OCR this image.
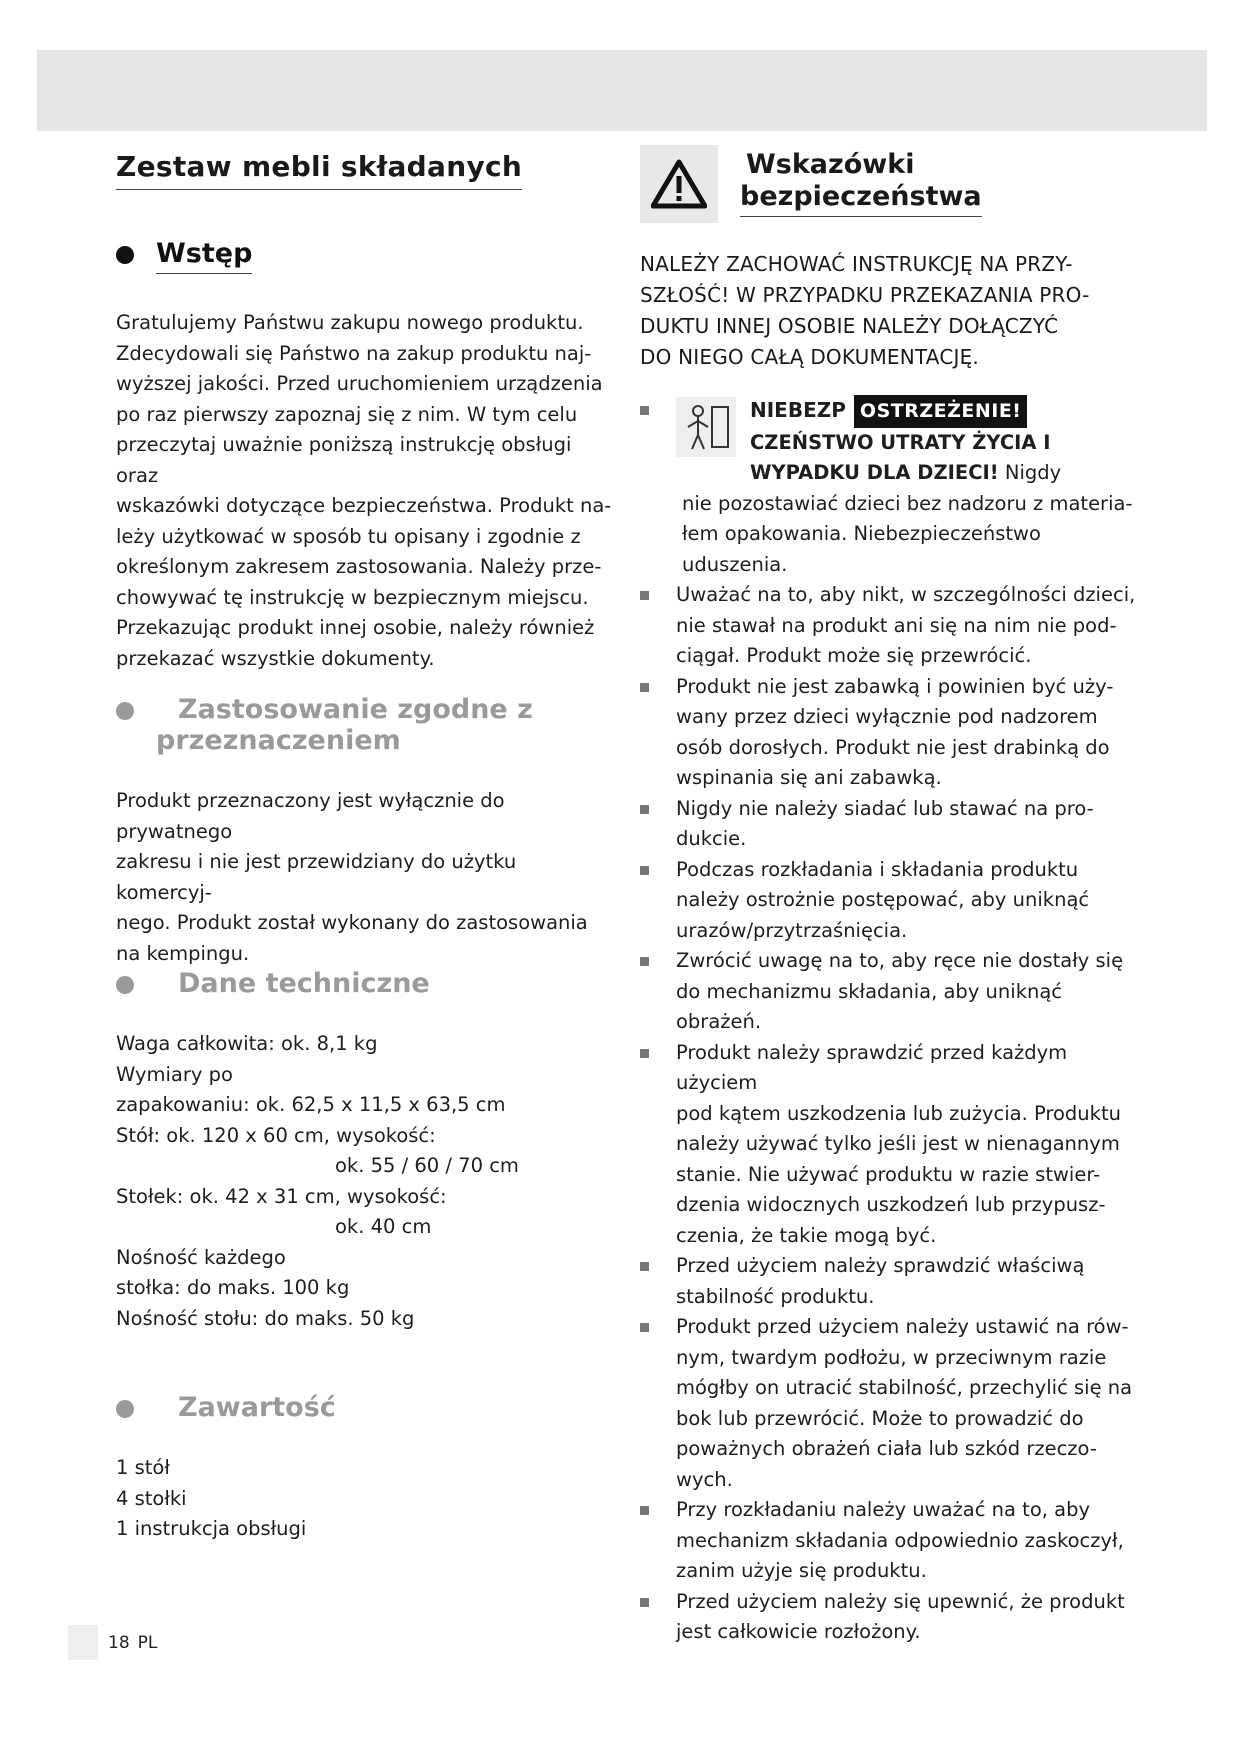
Zestaw mebli składanych
Wstęp

Gratulujemy Państwu zakupu nowego produktu.
Zdecydowali się Państwo na zakup produktu naj-
wyższej jakości. Przed uruchomieniem urządzenia
po raz pierwszy zapoznaj się z nim. W tym celu
przeczytaj uważnie poniższą instrukcję obsługi oraz
wskazówki dotyczące bezpieczeństwa. Produkt na-
leży użytkować w sposób tu opisany i zgodnie z
określonym zakresem zastosowania. Należy prze-
chowywać tę instrukcję w bezpiecznym miejscu.
Przekazując produkt innej osobie, należy również
przekazać wszystkie dokumenty.

Zastosowanie zgodne z
przeznaczeniem

Produkt przeznaczony jest wyłącznie do prywatnego
zakresu i nie jest przewidziany do użytku komercyj-
nego. Produkt został wykonany do zastosowania
na kempingu.

Dane techniczne
Waga całkowita: ok. 8,1 kg
Wymiary po
zapakowaniu: ok. 62,5 x 11,5 x 63,5 cm
Stół: ok. 120 x 60 cm, wysokość:
ok. 55 / 60 / 70 cm
Stołek: ok. 42 x 31 cm, wysokość:
ok. 40 cm
Nośność każdego
stołka: do maks. 100 kg
Nośność stołu: do maks. 50 kg
Zawartość
1 stół
4 stołki
1 instrukcja obsługi
Wskazówki
bezpieczeństwa

NALEŻY ZACHOWAĆ INSTRUKCJĘ NA PRZY-
SZŁOŚĆ! W PRZYPADKU PRZEKAZANIA PRO-
DUKTU INNEJ OSOBIE NALEŻY DOŁĄCZYĆ
DO NIEGO CAŁĄ DOKUMENTACJĘ.

NIEBEZP OSTRZEŻENIE!
CZEŃSTWO UTRATY ŻYCIA I
WYPADKU DLA DZIECI! Nigdy
nie pozostawiać dzieci bez nadzoru z materia-
łem opakowania. Niebezpieczeństwo uduszenia.
Uważać na to, aby nikt, w szczególności dzieci,
nie stawał na produkt ani się na nim nie pod-
ciągał. Produkt może się przewrócić.
Produkt nie jest zabawką i powinien być uży-
wany przez dzieci wyłącznie pod nadzorem
osób dorosłych. Produkt nie jest drabinką do
wspinania się ani zabawką.
Nigdy nie należy siadać lub stawać na pro-
dukcie.
Podczas rozkładania i składania produktu
należy ostrożnie postępować, aby uniknąć
urazów/przytrzaśnięcia.
Zwrócić uwagę na to, aby ręce nie dostały się
do mechanizmu składania, aby uniknąć obrażeń.
Produkt należy sprawdzić przed każdym użyciem
pod kątem uszkodzenia lub zużycia. Produktu
należy używać tylko jeśli jest w nienagannym
stanie. Nie używać produktu w razie stwier-
dzenia widocznych uszkodzeń lub przypusz-
czenia, że takie mogą być.
Przed użyciem należy sprawdzić właściwą
stabilność produktu.
Produkt przed użyciem należy ustawić na rów-
nym, twardym podłożu, w przeciwnym razie
mógłby on utracić stabilność, przechylić się na
bok lub przewrócić. Może to prowadzić do
poważnych obrażeń ciała lub szkód rzeczo-
wych.
Przy rozkładaniu należy uważać na to, aby
mechanizm składania odpowiednio zaskoczył,
zanim użyje się produktu.
Przed użyciem należy się upewnić, że produkt
jest całkowicie rozłożony.
18 PL
